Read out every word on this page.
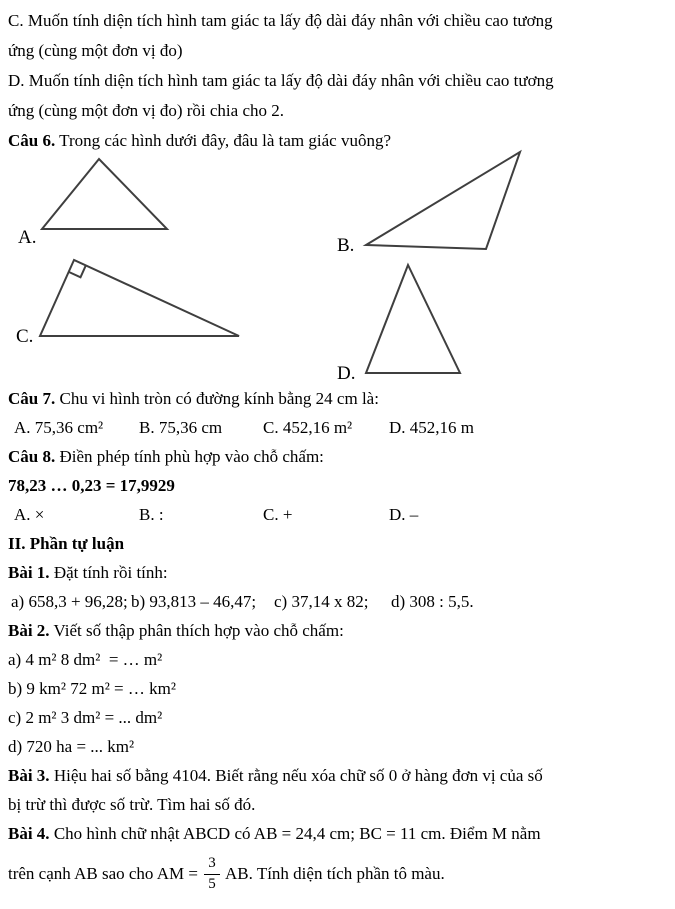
C. Muốn tính diện tích hình tam giác ta lấy độ dài đáy nhân với chiều cao tương
ứng (cùng một đơn vị đo)
D. Muốn tính diện tích hình tam giác ta lấy độ dài đáy nhân với chiều cao tương
ứng (cùng một đơn vị đo) rồi chia cho 2.
Câu 6. Trong các hình dưới đây, đâu là tam giác vuông?
A.	B.
C.
D.
Câu 7. Chu vi hình tròn có đường kính bằng 24 cm là:

A. 75,36 cm²

B. 75,36 cm

C. 452,16 m²

D. 452,16 m

Câu 8. Điền phép tính phù hợp vào chỗ chấm:
78,23 … 0,23 = 17,9929

A. ×

	B. :

	C. +

	D. –

II. Phần tự luận
Bài 1. Đặt tính rồi tính:

a) 658,3 + 96,28;

b) 93,813 – 46,47;

c) 37,14 x 82;

d) 308 : 5,5.

Bài 2. Viết số thập phân thích hợp vào chỗ chấm:
a) 4 m² 8 dm²  = … m²
b) 9 km² 72 m² = … km²
c) 2 m² 3 dm² = ... dm²
d) 720 ha = ... km²
Bài 3. Hiệu hai số bằng 4104. Biết rằng nếu xóa chữ số 0 ở hàng đơn vị của số
bị trừ thì được số trừ. Tìm hai số đó.
Bài 4. Cho hình chữ nhật ABCD có AB = 24,4 cm; BC = 11 cm. Điểm M nằm
trên cạnh AB sao cho AM = $\frac{3}{5}$ AB. Tính diện tích phần tô màu.
